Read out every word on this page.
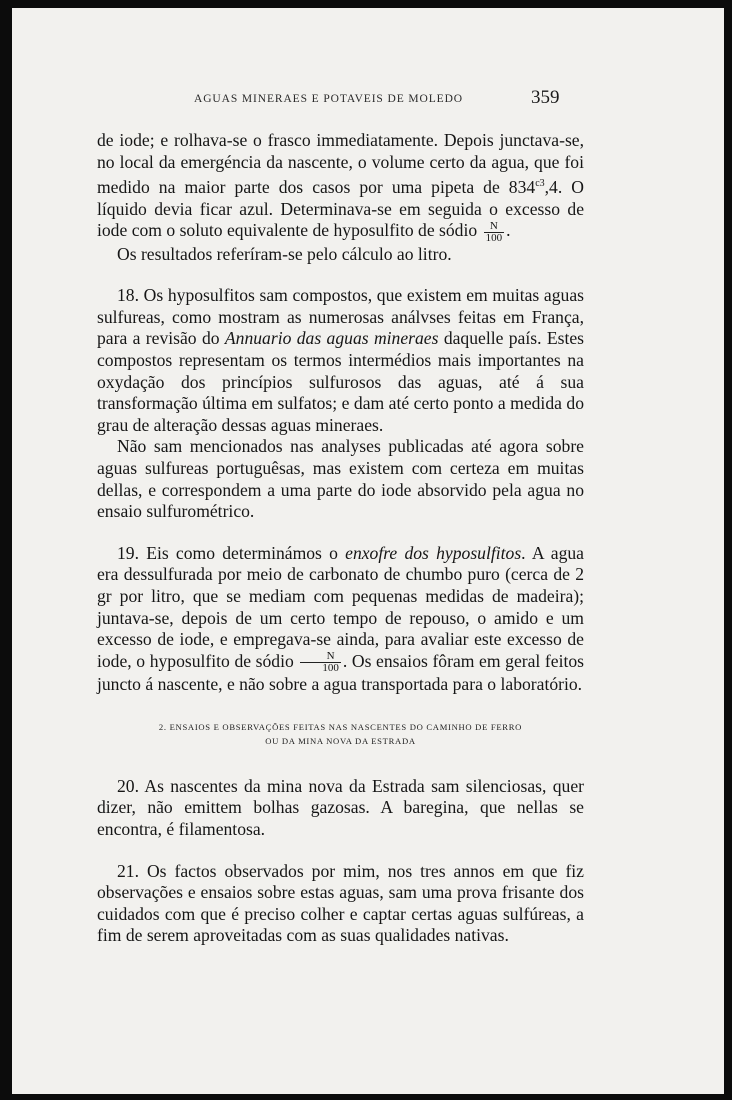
AGUAS MINERAES E POTAVEIS DE MOLEDO	359

de iode; e rolhava-se o frasco immediatamente. Depois junctava-se, no local da emergéncia da nascente, o volume certo da agua, que foi medido na maior parte dos casos por uma pipeta de $834^{c3},4$. O líquido devia ficar azul. Determinava-se em seguida o excesso de iode com o soluto equivalente de hyposulfito de sódio $\frac{N}{100}$ .

Os resultados referíram-se pelo cálculo ao litro.

18. Os hyposulfitos sam compostos, que existem em muitas aguas sulfureas, como mostram as numerosas análvses feitas em França, para a revisão do Annuario das aguas mineraes daquelle país. Estes compostos representam os termos intermédios mais importantes na oxydação dos princípios sulfurosos das aguas, até á sua transformação última em sulfatos; e dam até certo ponto a medida do grau de alteração dessas aguas mineraes.

Não sam mencionados nas analyses publicadas até agora sobre aguas sulfureas portuguêsas, mas existem com certeza em muitas dellas, e correspondem a uma parte do iode absorvido pela agua no ensaio sulfurométrico.

19. Eis como determinámos o enxofre dos hyposulfitos. A agua era dessulfurada por meio de carbonato de chumbo puro (cerca de 2 gr por litro, que se mediam com pequenas medidas de madeira); juntava-se, depois de um certo tempo de repouso, o amido e um excesso de iode, e empregava-se ainda, para avaliar este excesso de iode, o hyposulfito de sódio $\frac{N}{100}$ . Os ensaios fôram em geral feitos juncto á nascente, e não sobre a agua transportada para o laboratório.

2. ENSAIOS E OBSERVAÇÕES FEITAS NAS NASCENTES DO CAMINHO DE FERRO
OU DA MINA NOVA DA ESTRADA

20. As nascentes da mina nova da Estrada sam silenciosas, quer dizer, não emittem bolhas gazosas. A baregina, que nellas se encontra, é filamentosa.

21. Os factos observados por mim, nos tres annos em que fiz observações e ensaios sobre estas aguas, sam uma prova frisante dos cuidados com que é preciso colher e captar certas aguas sulfúreas, a fim de serem aproveitadas com as suas qualidades nativas.
